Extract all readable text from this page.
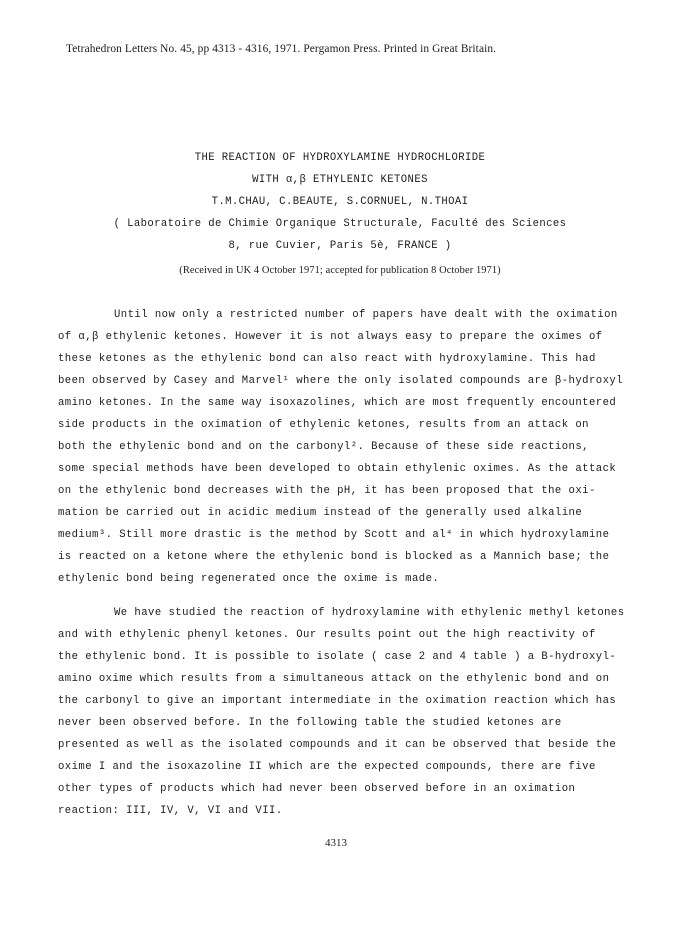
Tetrahedron Letters No. 45, pp 4313 - 4316, 1971. Pergamon Press. Printed in Great Britain.
THE REACTION OF HYDROXYLAMINE HYDROCHLORIDE
WITH α,β ETHYLENIC KETONES
T.M.CHAU, C.BEAUTE, S.CORNUEL, N.THOAI
( Laboratoire de Chimie Organique Structurale, Faculté des Sciences
8, rue Cuvier, Paris 5è, FRANCE )
(Received in UK 4 October 1971; accepted for publication 8 October 1971)
Until now only a restricted number of papers have dealt with the oximation
of α,β ethylenic ketones. However it is not always easy to prepare the oximes of
these ketones as the ethylenic bond can also react with hydroxylamine. This had
been observed by Casey and Marvel¹ where the only isolated compounds are β-hydroxyl
amino ketones. In the same way isoxazolines, which are most frequently encountered
side products in the oximation of ethylenic ketones, results from an attack on
both the ethylenic bond and on the carbonyl². Because of these side reactions,
some special methods have been developed to obtain ethylenic oximes. As the attack
on the ethylenic bond decreases with the pH, it has been proposed that the oxi-
mation be carried out in acidic medium instead of the generally used alkaline
medium³. Still more drastic is the method by Scott and al⁴ in which hydroxylamine
is reacted on a ketone where the ethylenic bond is blocked as a Mannich base; the
ethylenic bond being regenerated once the oxime is made.
We have studied the reaction of hydroxylamine with ethylenic methyl ketones
and with ethylenic phenyl ketones. Our results point out the high reactivity of
the ethylenic bond. It is possible to isolate ( case 2 and 4 table ) a B-hydroxyl-
amino oxime which results from a simultaneous attack on the ethylenic bond and on
the carbonyl to give an important intermediate in the oximation reaction which has
never been observed before. In the following table the studied ketones are
presented as well as the isolated compounds and it can be observed that beside the
oxime I and the isoxazoline II which are the expected compounds, there are five
other types of products which had never been observed before in an oximation
reaction: III, IV, V, VI and VII.
4313
